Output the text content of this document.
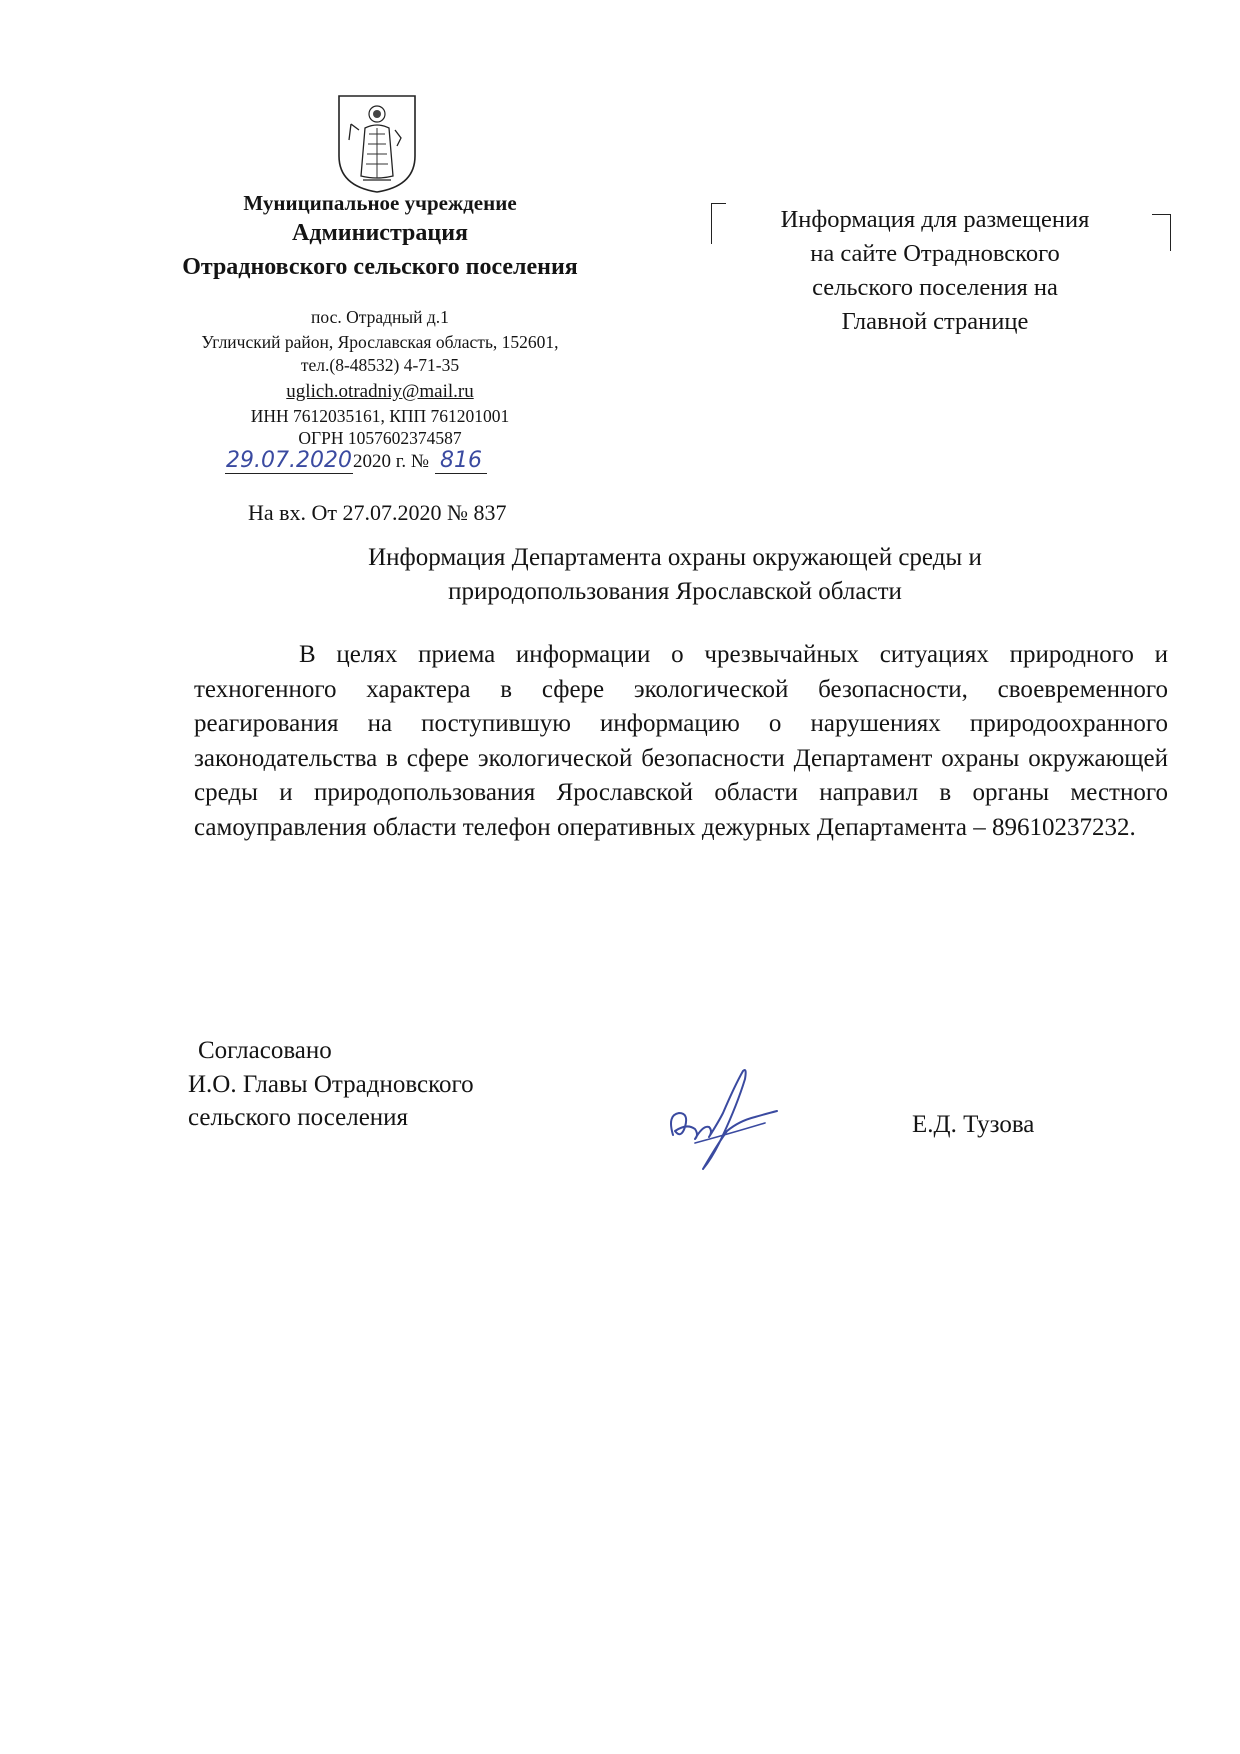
Муниципальное учреждение
Администрация
Отрадновского сельского поселения
пос. Отрадный д.1
Угличский район, Ярославская область, 152601,
тел.(8-48532) 4-71-35
uglich.otradniy@mail.ru
ИНН 7612035161, КПП 761201001
ОГРН 1057602374587
29.07.20202020 г. № 816
На вх. От 27.07.2020 № 837
Информация для размещения
на сайте Отрадновского
сельского поселения на
Главной странице
Информация Департамента охраны окружающей среды и
природопользования Ярославской области
В целях приема информации о чрезвычайных ситуациях природного и техногенного характера в сфере экологической безопасности, своевременного реагирования на поступившую информацию о нарушениях природоохранного законодательства в сфере экологической безопасности Департамент охраны окружающей среды и природопользования Ярославской области направил в органы местного самоуправления области телефон оперативных дежурных Департамента – 89610237232.
Согласовано
И.О. Главы Отрадновского
сельского поселения	Е.Д. Тузова
